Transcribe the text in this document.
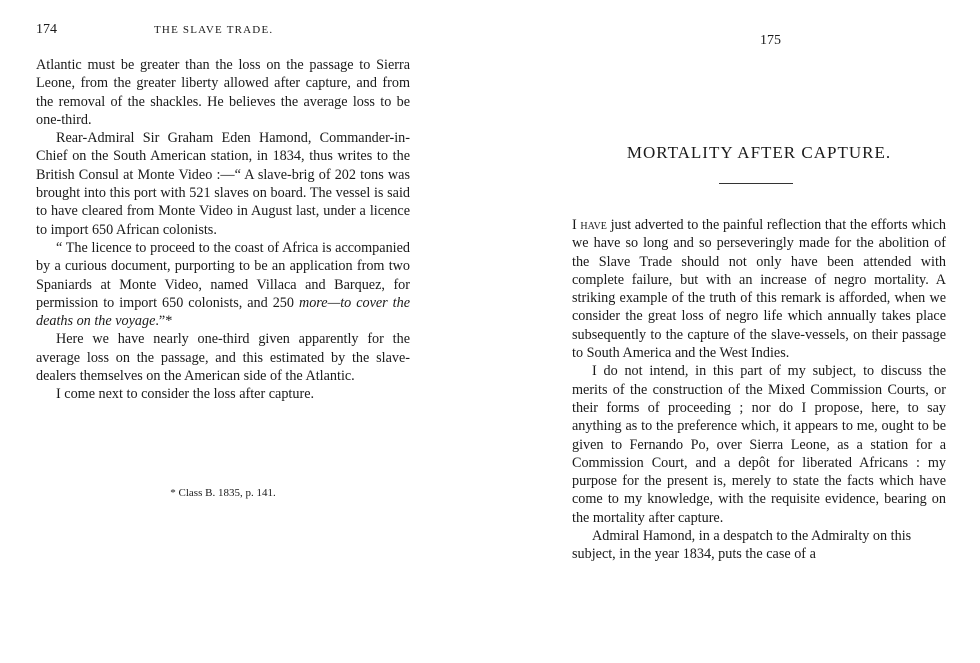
174	THE SLAVE TRADE.

Atlantic must be greater than the loss on the passage to Sierra Leone, from the greater liberty allowed after capture, and from the removal of the shackles. He believes the average loss to be one-third.

Rear-Admiral Sir Graham Eden Hamond, Commander-in-Chief on the South American station, in 1834, thus writes to the British Consul at Monte Video :—“ A slave-brig of 202 tons was brought into this port with 521 slaves on board. The vessel is said to have cleared from Monte Video in August last, under a licence to import 650 African colonists.

“ The licence to proceed to the coast of Africa is accompanied by a curious document, purporting to be an application from two Spaniards at Monte Video, named Villaca and Barquez, for permission to import 650 colonists, and 250 more—to cover the deaths on the voyage.”*

Here we have nearly one-third given apparently for the average loss on the passage, and this estimated by the slave-dealers themselves on the American side of the Atlantic.

I come next to consider the loss after capture.

* Class B. 1835, p. 141.
175
MORTALITY AFTER CAPTURE.

I have just adverted to the painful reflection that the efforts which we have so long and so perseveringly made for the abolition of the Slave Trade should not only have been attended with complete failure, but with an increase of negro mortality. A striking example of the truth of this remark is afforded, when we consider the great loss of negro life which annually takes place subsequently to the capture of the slave-vessels, on their passage to South America and the West Indies.

I do not intend, in this part of my subject, to discuss the merits of the construction of the Mixed Commission Courts, or their forms of proceeding ; nor do I propose, here, to say anything as to the preference which, it appears to me, ought to be given to Fernando Po, over Sierra Leone, as a station for a Commission Court, and a depôt for liberated Africans : my purpose for the present is, merely to state the facts which have come to my knowledge, with the requisite evidence, bearing on the mortality after capture.

Admiral Hamond, in a despatch to the Admiralty on this subject, in the year 1834, puts the case of a
